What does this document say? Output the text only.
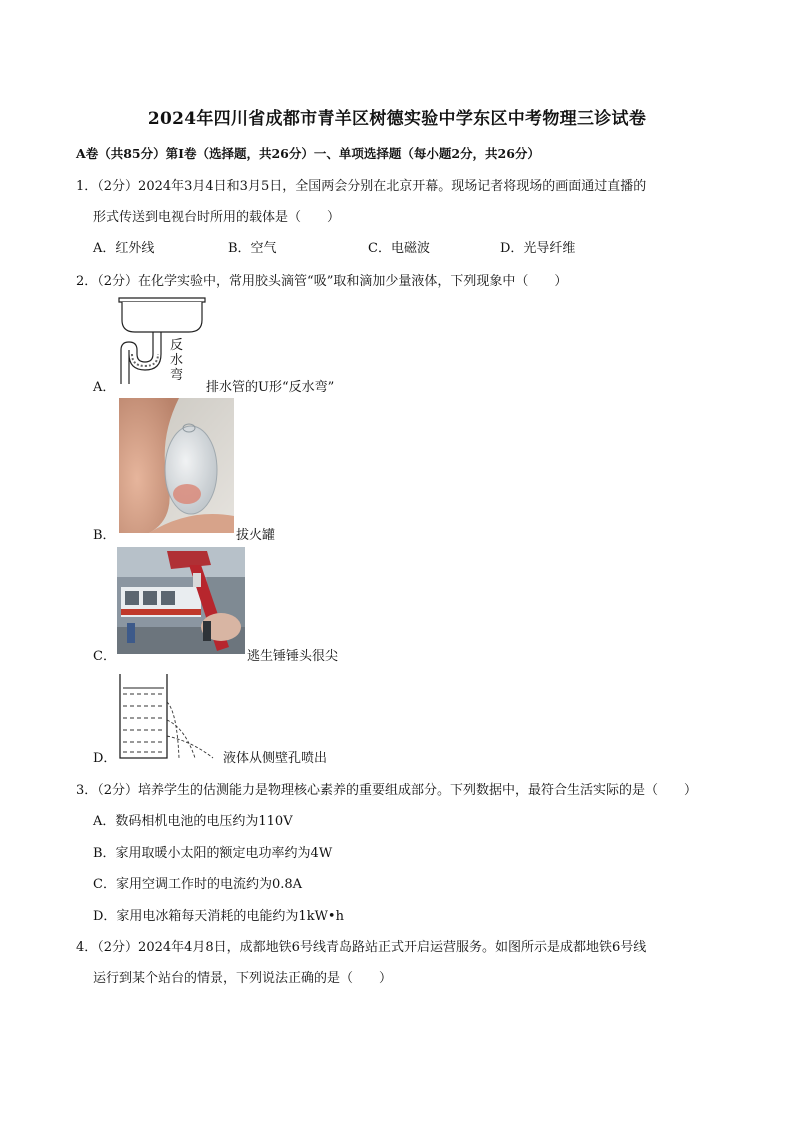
2024年四川省成都市青羊区树德实验中学东区中考物理三诊试卷
A卷（共85分）第Ⅰ卷（选择题，共26分）一、单项选择题（每小题2分，共26分）
1．（2分）2024年3月4日和3月5日，全国两会分别在北京开幕。现场记者将现场的画面通过直播的
形式传送到电视台时所用的载体是（　　）
A．红外线	B．空气	C．电磁波	D．光导纤维
2．（2分）在化学实验中，常用胶头滴管“吸”取和滴加少量液体，下列现象中（　　）
A．
反
水
弯
排水管的U形“反水弯”
B．	拔火罐
C．	逃生锤锤头很尖
D．	液体从侧壁孔喷出
3．（2分）培养学生的估测能力是物理核心素养的重要组成部分。下列数据中，最符合生活实际的是（　　）
A．数码相机电池的电压约为110V
B．家用取暖小太阳的额定电功率约为4W
C．家用空调工作时的电流约为0.8A
D．家用电冰箱每天消耗的电能约为1kW•h
4．（2分）2024年4月8日，成都地铁6号线青岛路站正式开启运营服务。如图所示是成都地铁6号线
运行到某个站台的情景，下列说法正确的是（　　）
